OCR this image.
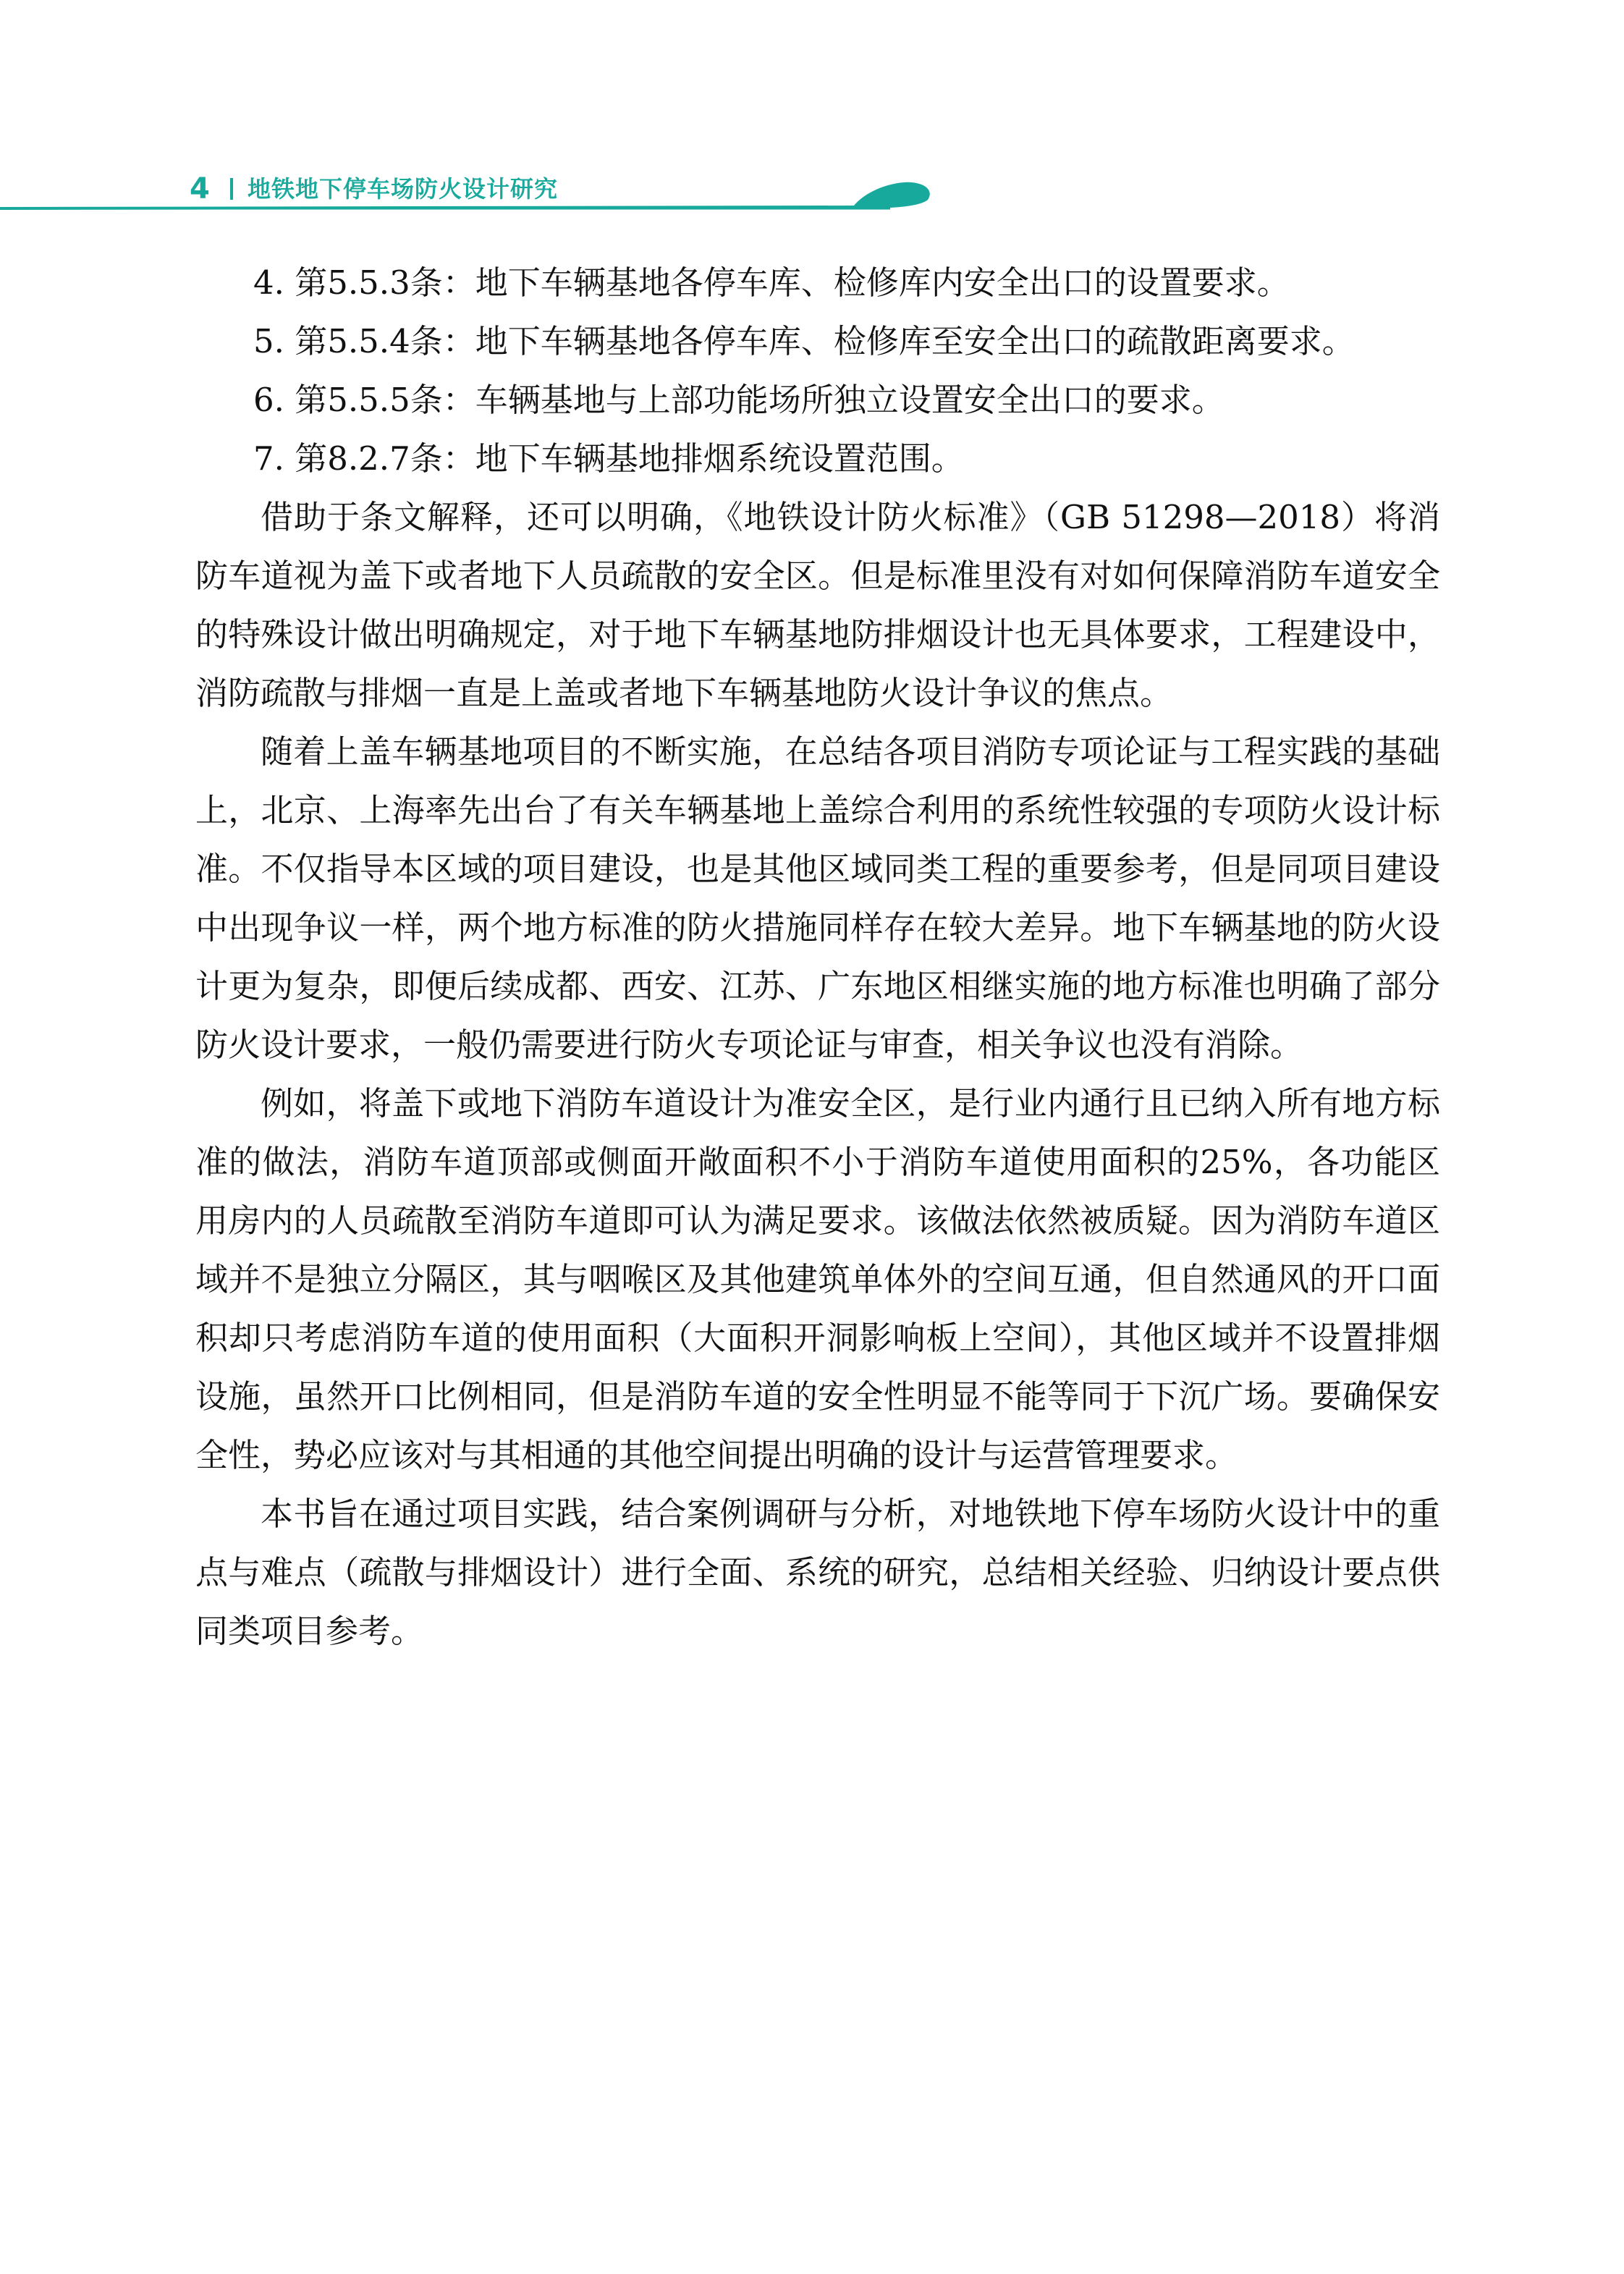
4 地铁地下停车场防火设计研究

4. 第5.5.3条：地下车辆基地各停车库、检修库内安全出口的设置要求。

5. 第5.5.4条：地下车辆基地各停车库、检修库至安全出口的疏散距离要求。

6. 第5.5.5条：车辆基地与上部功能场所独立设置安全出口的要求。

7. 第8.2.7条：地下车辆基地排烟系统设置范围。

借助于条文解释，还可以明确，《地铁设计防火标准》（GB 51298—2018）将消防车道视为盖下或者地下人员疏散的安全区。但是标准里没有对如何保障消防车道安全的特殊设计做出明确规定，对于地下车辆基地防排烟设计也无具体要求，工程建设中，消防疏散与排烟一直是上盖或者地下车辆基地防火设计争议的焦点。

随着上盖车辆基地项目的不断实施，在总结各项目消防专项论证与工程实践的基础上，北京、上海率先出台了有关车辆基地上盖综合利用的系统性较强的专项防火设计标准。不仅指导本区域的项目建设，也是其他区域同类工程的重要参考，但是同项目建设中出现争议一样，两个地方标准的防火措施同样存在较大差异。地下车辆基地的防火设计更为复杂，即便后续成都、西安、江苏、广东地区相继实施的地方标准也明确了部分防火设计要求，一般仍需要进行防火专项论证与审查，相关争议也没有消除。

例如，将盖下或地下消防车道设计为准安全区，是行业内通行且已纳入所有地方标准的做法，消防车道顶部或侧面开敞面积不小于消防车道使用面积的25%，各功能区用房内的人员疏散至消防车道即可认为满足要求。该做法依然被质疑。因为消防车道区域并不是独立分隔区，其与咽喉区及其他建筑单体外的空间互通，但自然通风的开口面积却只考虑消防车道的使用面积（大面积开洞影响板上空间），其他区域并不设置排烟设施，虽然开口比例相同，但是消防车道的安全性明显不能等同于下沉广场。要确保安全性，势必应该对与其相通的其他空间提出明确的设计与运营管理要求。

本书旨在通过项目实践，结合案例调研与分析，对地铁地下停车场防火设计中的重点与难点（疏散与排烟设计）进行全面、系统的研究，总结相关经验、归纳设计要点供同类项目参考。
